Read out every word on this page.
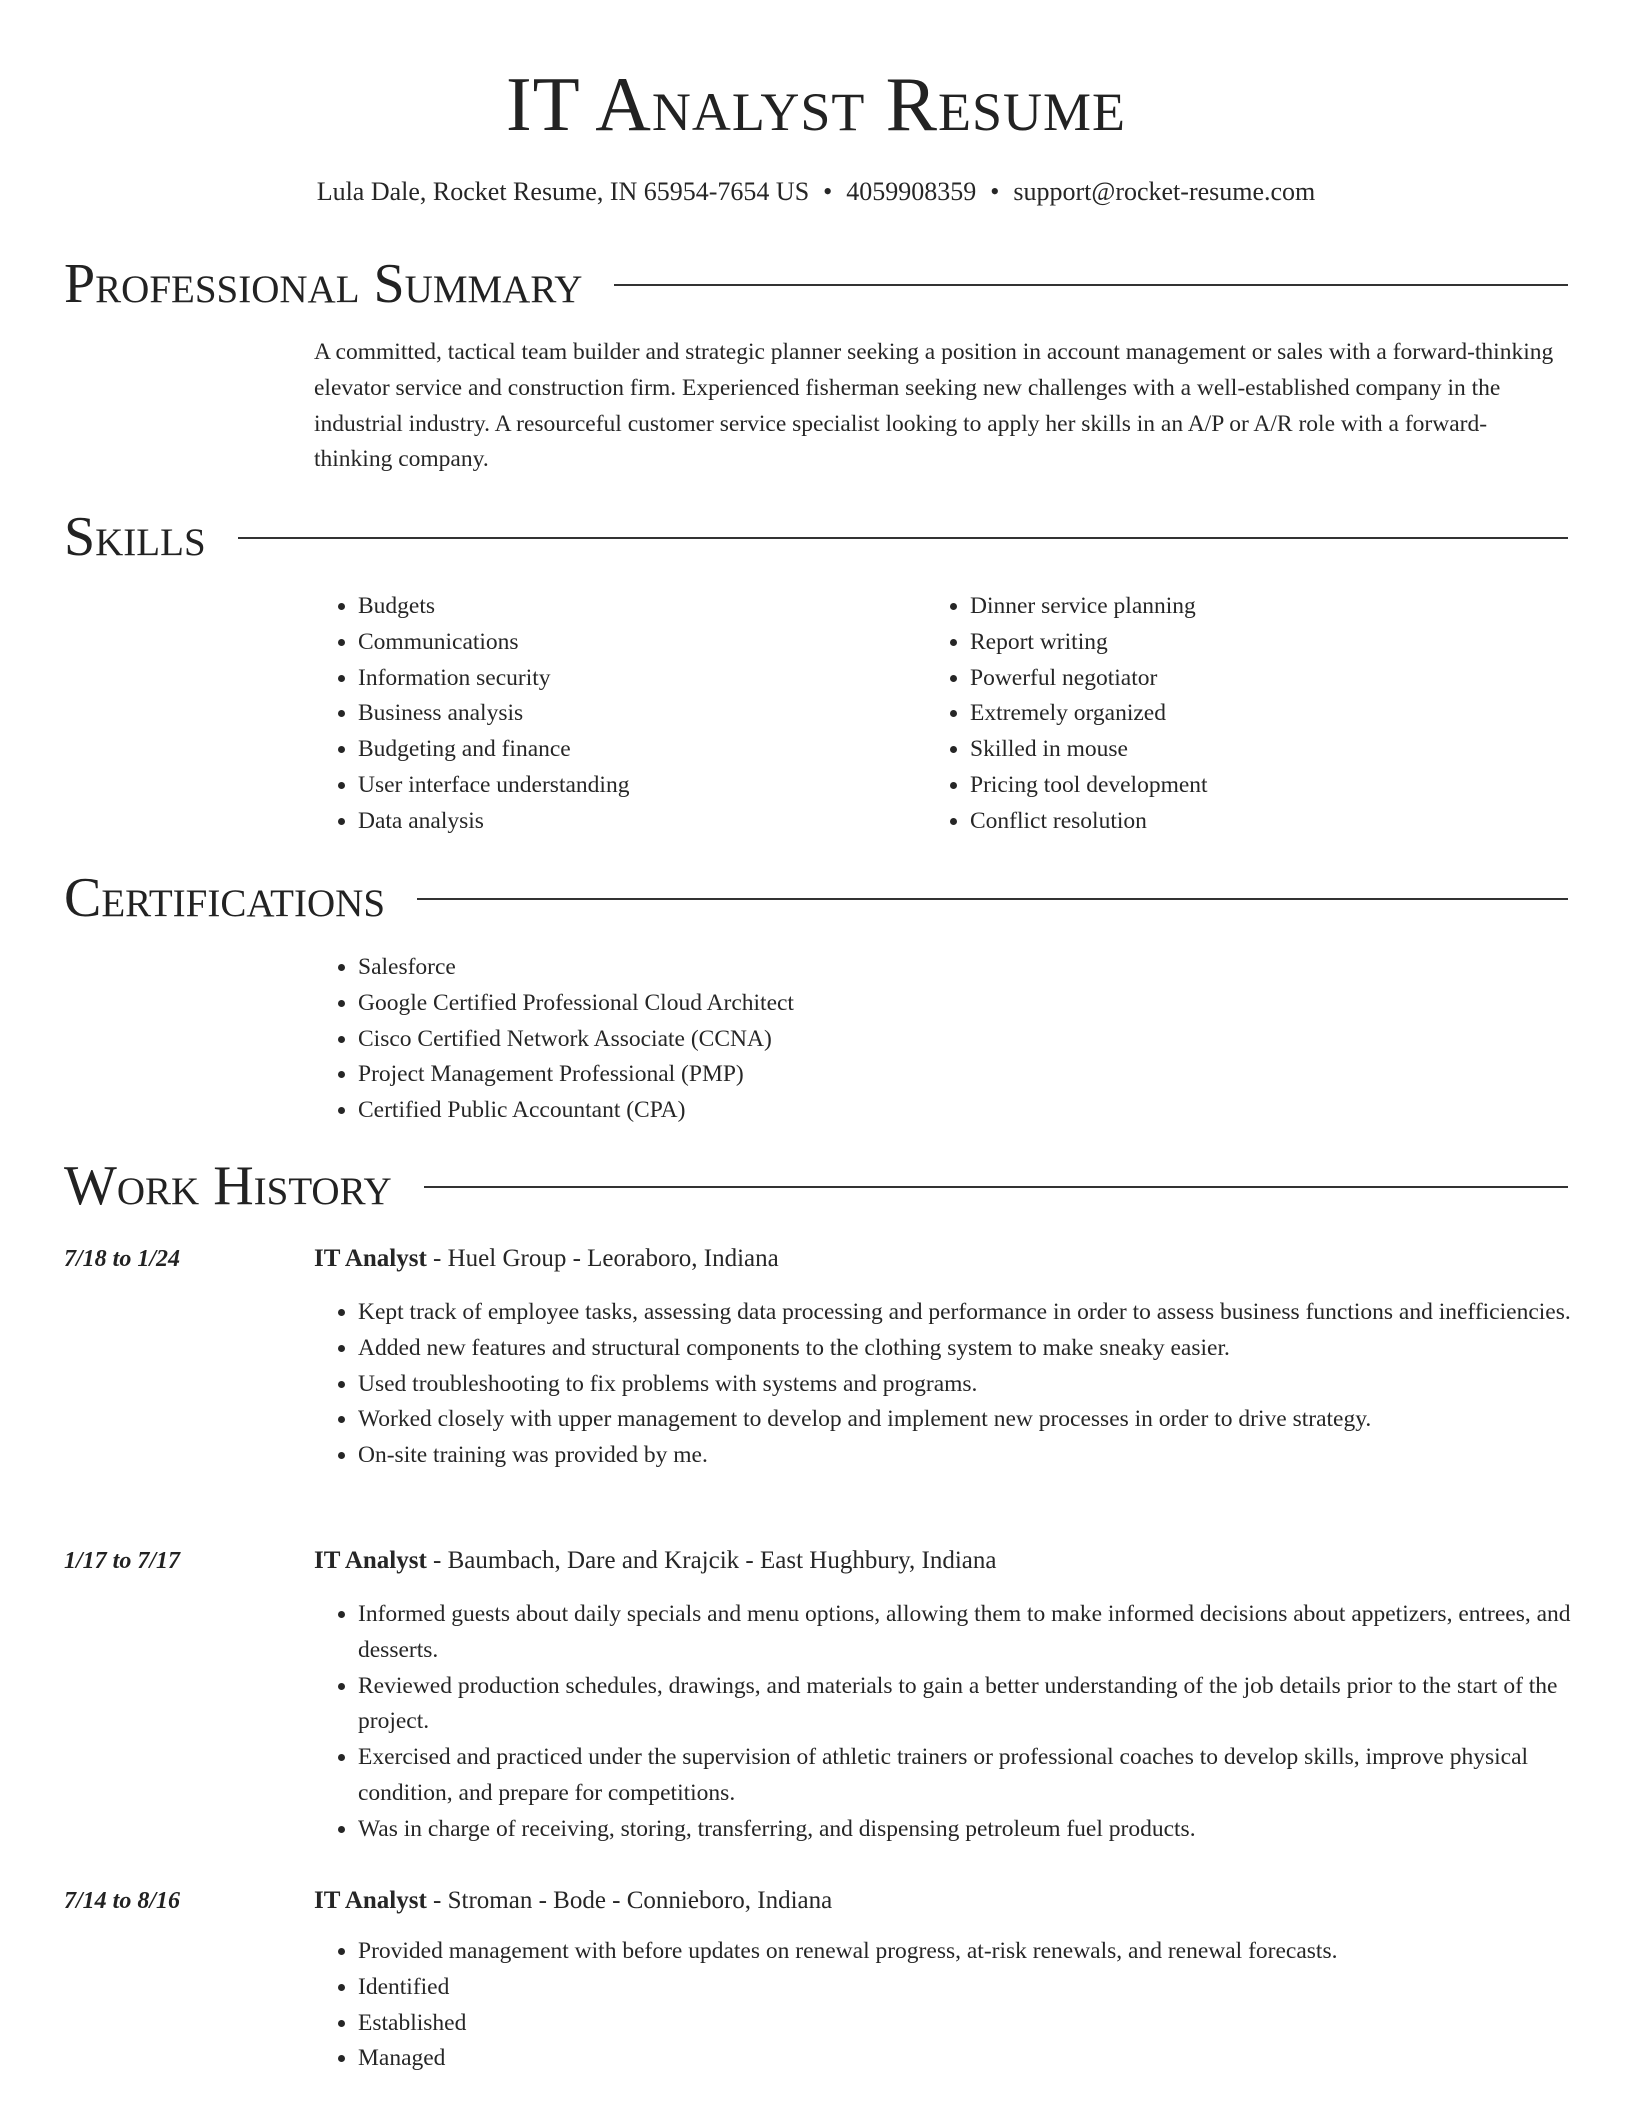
IT Analyst Resume
Lula Dale, Rocket Resume, IN 65954-7654 US • 4059908359 • support@rocket-resume.com
Professional Summary

A committed, tactical team builder and strategic planner seeking a position in account management or sales with a forward-thinking elevator service and construction firm. Experienced fisherman seeking new challenges with a well-established company in the industrial industry. A resourceful customer service specialist looking to apply her skills in an A/P or A/R role with a forward-thinking company.

Skills
• Budgets
• Communications
• Information security
• Business analysis
• Budgeting and finance
• User interface understanding
• Data analysis
• Dinner service planning
• Report writing
• Powerful negotiator
• Extremely organized
• Skilled in mouse
• Pricing tool development
• Conflict resolution
Certifications
• Salesforce
• Google Certified Professional Cloud Architect
• Cisco Certified Network Associate (CCNA)
• Project Management Professional (PMP)
• Certified Public Accountant (CPA)
Work History
7/18 to 1/24	IT Analyst - Huel Group - Leoraboro, Indiana
• Kept track of employee tasks, assessing data processing and performance in order to assess business functions and inefficiencies.
• Added new features and structural components to the clothing system to make sneaky easier.
• Used troubleshooting to fix problems with systems and programs.
• Worked closely with upper management to develop and implement new processes in order to drive strategy.
• On-site training was provided by me.
1/17 to 7/17	IT Analyst - Baumbach, Dare and Krajcik - East Hughbury, Indiana
• Informed guests about daily specials and menu options, allowing them to make informed decisions about appetizers, entrees, and desserts.
• Reviewed production schedules, drawings, and materials to gain a better understanding of the job details prior to the start of the project.
• Exercised and practiced under the supervision of athletic trainers or professional coaches to develop skills, improve physical condition, and prepare for competitions.
• Was in charge of receiving, storing, transferring, and dispensing petroleum fuel products.
7/14 to 8/16	IT Analyst - Stroman - Bode - Connieboro, Indiana
• Provided management with before updates on renewal progress, at-risk renewals, and renewal forecasts.
• Identified
• Established
• Managed
